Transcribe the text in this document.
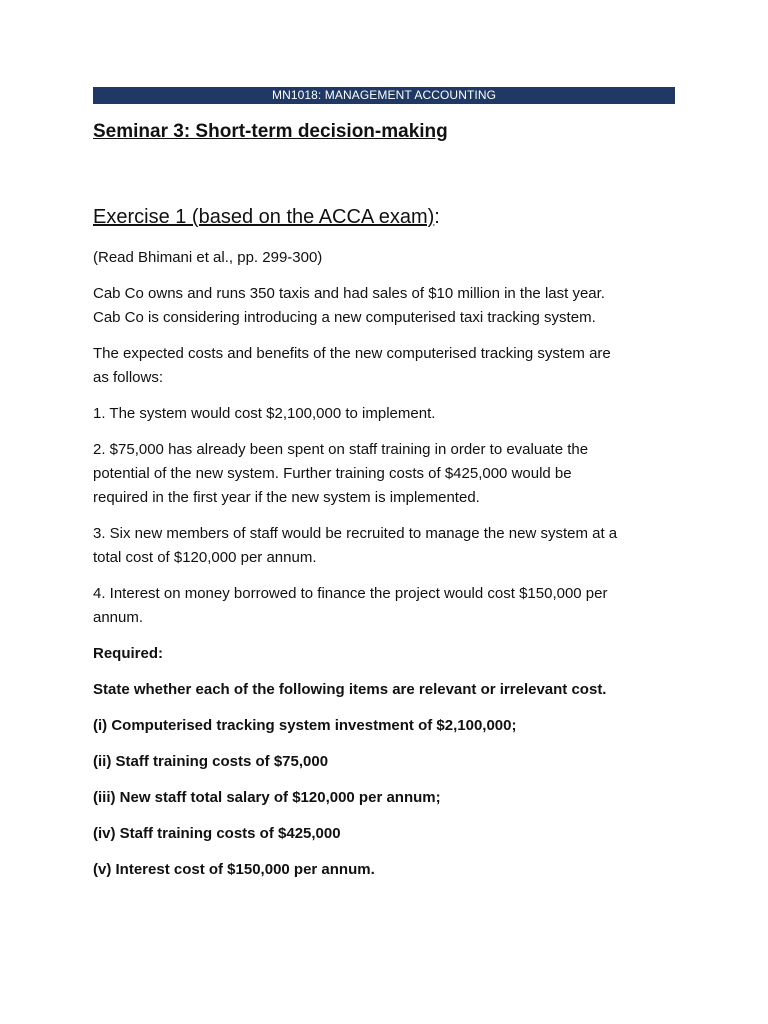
MN1018: MANAGEMENT ACCOUNTING
Seminar 3: Short-term decision-making
Exercise 1 (based on the ACCA exam):

(Read Bhimani et al., pp. 299-300)

Cab Co owns and runs 350 taxis and had sales of $10 million in the last year.
Cab Co is considering introducing a new computerised taxi tracking system.

The expected costs and benefits of the new computerised tracking system are
as follows:

1. The system would cost $2,100,000 to implement.

2. $75,000 has already been spent on staff training in order to evaluate the
potential of the new system. Further training costs of $425,000 would be
required in the first year if the new system is implemented.

3. Six new members of staff would be recruited to manage the new system at a
total cost of $120,000 per annum.

4. Interest on money borrowed to finance the project would cost $150,000 per
annum.

Required:

State whether each of the following items are relevant or irrelevant cost.

(i) Computerised tracking system investment of $2,100,000;

(ii) Staff training costs of $75,000

(iii) New staff total salary of $120,000 per annum;

(iv) Staff training costs of $425,000

(v) Interest cost of $150,000 per annum.
